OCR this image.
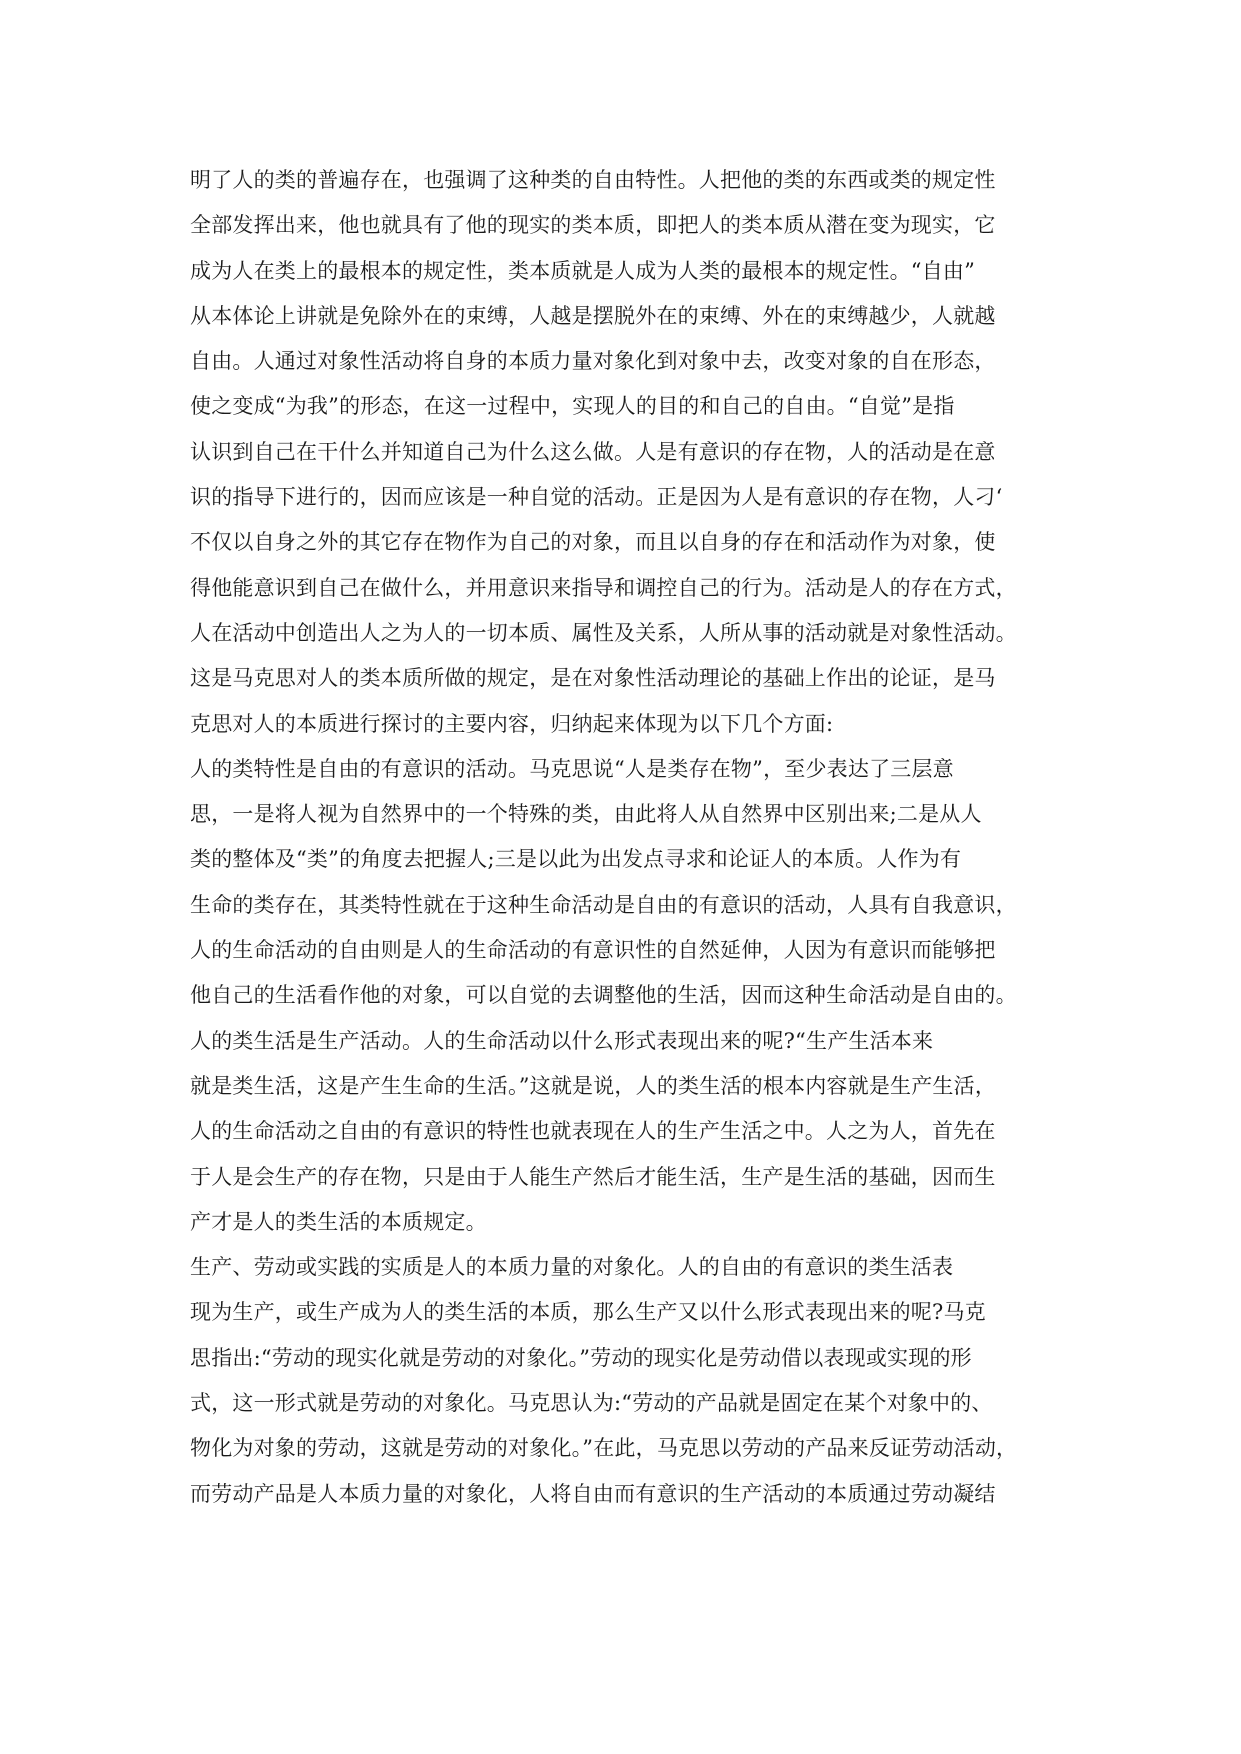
明了人的类的普遍存在，也强调了这种类的自由特性。人把他的类的东西或类的规定性
全部发挥出来，他也就具有了他的现实的类本质，即把人的类本质从潜在变为现实，它
成为人在类上的最根本的规定性，类本质就是人成为人类的最根本的规定性。“自由”
从本体论上讲就是免除外在的束缚，人越是摆脱外在的束缚、外在的束缚越少，人就越
自由。人通过对象性活动将自身的本质力量对象化到对象中去，改变对象的自在形态，
使之变成“为我”的形态，在这一过程中，实现人的目的和自己的自由。“自觉”是指
认识到自己在干什么并知道自己为什么这么做。人是有意识的存在物，人的活动是在意
识的指导下进行的，因而应该是一种自觉的活动。正是因为人是有意识的存在物，人刁‘
不仅以自身之外的其它存在物作为自己的对象，而且以自身的存在和活动作为对象，使
得他能意识到自己在做什么，并用意识来指导和调控自己的行为。活动是人的存在方式，
人在活动中创造出人之为人的一切本质、属性及关系，人所从事的活动就是对象性活动。
这是马克思对人的类本质所做的规定，是在对象性活动理论的基础上作出的论证，是马
克思对人的本质进行探讨的主要内容，归纳起来体现为以下几个方面:
人的类特性是自由的有意识的活动。马克思说“人是类存在物”，至少表达了三层意
思，一是将人视为自然界中的一个特殊的类，由此将人从自然界中区别出来;二是从人
类的整体及“类”的角度去把握人;三是以此为出发点寻求和论证人的本质。人作为有
生命的类存在，其类特性就在于这种生命活动是自由的有意识的活动，人具有自我意识，
人的生命活动的自由则是人的生命活动的有意识性的自然延伸，人因为有意识而能够把
他自己的生活看作他的对象，可以自觉的去调整他的生活，因而这种生命活动是自由的。
人的类生活是生产活动。人的生命活动以什么形式表现出来的呢?“生产生活本来
就是类生活，这是产生生命的生活。”这就是说，人的类生活的根本内容就是生产生活，
人的生命活动之自由的有意识的特性也就表现在人的生产生活之中。人之为人，首先在
于人是会生产的存在物，只是由于人能生产然后才能生活，生产是生活的基础，因而生
产才是人的类生活的本质规定。
生产、劳动或实践的实质是人的本质力量的对象化。人的自由的有意识的类生活表
现为生产，或生产成为人的类生活的本质，那么生产又以什么形式表现出来的呢?马克
思指出:“劳动的现实化就是劳动的对象化。”劳动的现实化是劳动借以表现或实现的形
式，这一形式就是劳动的对象化。马克思认为:“劳动的产品就是固定在某个对象中的、
物化为对象的劳动，这就是劳动的对象化。”在此，马克思以劳动的产品来反证劳动活动，
而劳动产品是人本质力量的对象化，人将自由而有意识的生产活动的本质通过劳动凝结
